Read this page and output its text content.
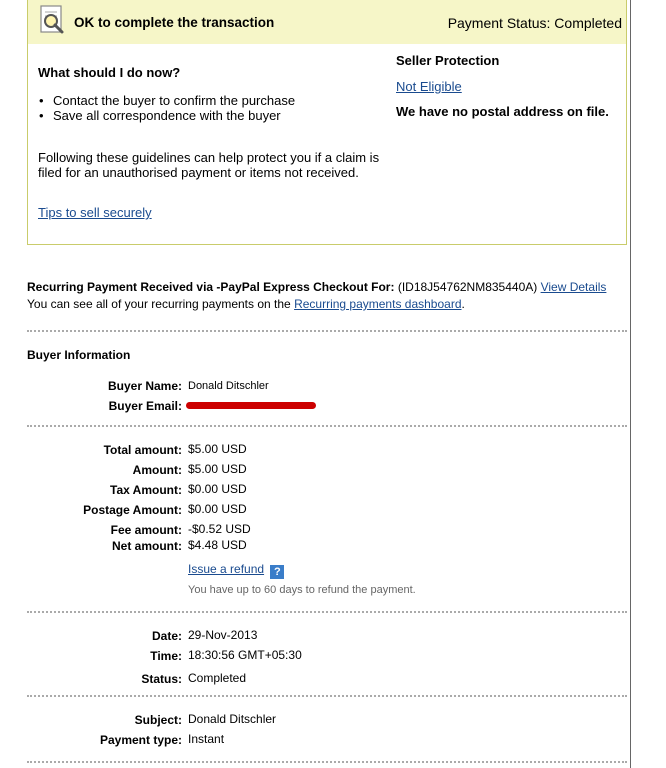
OK to complete the transaction	Payment Status: Completed
What should I do now?
• Contact the buyer to confirm the purchase
• Save all correspondence with the buyer
Following these guidelines can help protect you if a claim is filed for an unauthorised payment or items not received.
Tips to sell securely
Seller Protection
Not Eligible
We have no postal address on file.
Recurring Payment Received via -PayPal Express Checkout For: (ID18J54762NM835440A) View Details
You can see all of your recurring payments on the Recurring payments dashboard.
Buyer Information
Buyer Name: Donald Ditschler
Buyer Email:
Total amount: $5.00 USD
Amount: $5.00 USD
Tax Amount: $0.00 USD
Postage Amount: $0.00 USD
Fee amount: -$0.52 USD
Net amount: $4.48 USD
Issue a refund ?
You have up to 60 days to refund the payment.
Date: 29-Nov-2013
Time: 18:30:56 GMT+05:30
Status: Completed
Subject: Donald Ditschler
Payment type: Instant
